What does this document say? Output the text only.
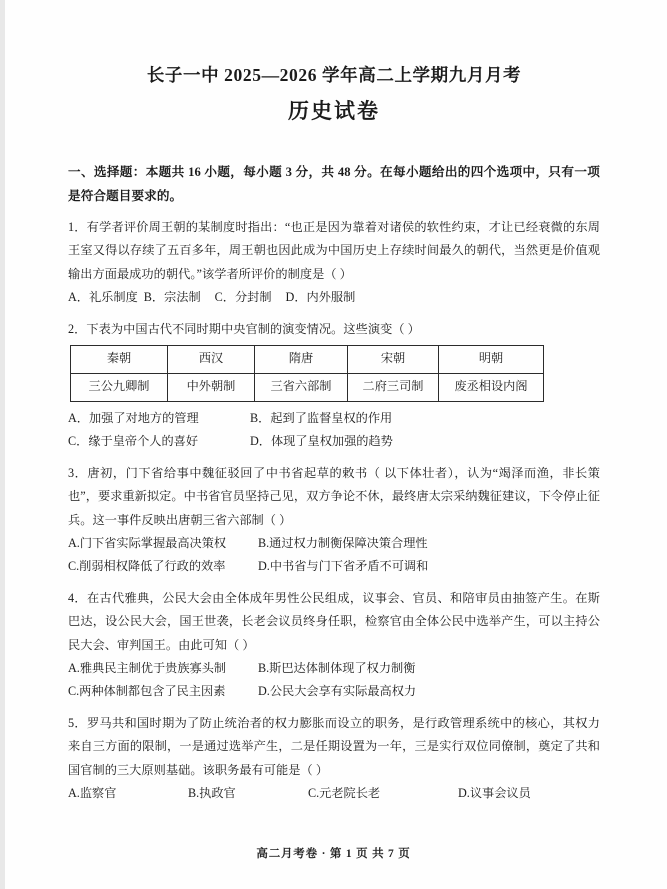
长子一中 2025—2026 学年高二上学期九月月考
历史试卷
一、选择题：本题共 16 小题，每小题 3 分，共 48 分。在每小题给出的四个选项中，只有一项是符合题目要求的。
1．有学者评价周王朝的某制度时指出：“也正是因为靠着对诸侯的软性约束，才让已经衰微的东周王室又得以存续了五百多年，周王朝也因此成为中国历史上存续时间最久的朝代，当然更是价值观输出方面最成功的朝代。”该学者所评价的制度是（ ）
A．礼乐制度 B．宗法制 C．分封制 D．内外服制
2．下表为中国古代不同时期中央官制的演变情况。这些演变（ ）
秦朝	西汉	隋唐	宋朝	明朝
三公九卿制	中外朝制	三省六部制	二府三司制	废丞相设内阁
A．加强了对地方的管理	B．起到了监督皇权的作用
C．缘于皇帝个人的喜好	D．体现了皇权加强的趋势
3．唐初，门下省给事中魏征驳回了中书省起草的敕书（ 以下体壮者），认为“竭泽而渔，非长策也”，要求重新拟定。中书省官员坚持己见，双方争论不休，最终唐太宗采纳魏征建议，下令停止征兵。这一事件反映出唐朝三省六部制（ ）
A.门下省实际掌握最高决策权	B.通过权力制衡保障决策合理性
C.削弱相权降低了行政的效率	D.中书省与门下省矛盾不可调和
4．在古代雅典，公民大会由全体成年男性公民组成，议事会、官员、和陪审员由抽签产生。在斯巴达，设公民大会，国王世袭，长老会议员终身任职，检察官由全体公民中选举产生，可以主持公民大会、审判国王。由此可知（ ）
A.雅典民主制优于贵族寡头制	B.斯巴达体制体现了权力制衡
C.两种体制都包含了民主因素	D.公民大会享有实际最高权力
5．罗马共和国时期为了防止统治者的权力膨胀而设立的职务，是行政管理系统中的核心，其权力来自三方面的限制，一是通过选举产生，二是任期设置为一年，三是实行双位同僚制，奠定了共和国官制的三大原则基础。该职务最有可能是（ ）
A.监察官	B.执政官	C.元老院长老	D.议事会议员
高二月考卷 · 第 1 页 共 7 页
